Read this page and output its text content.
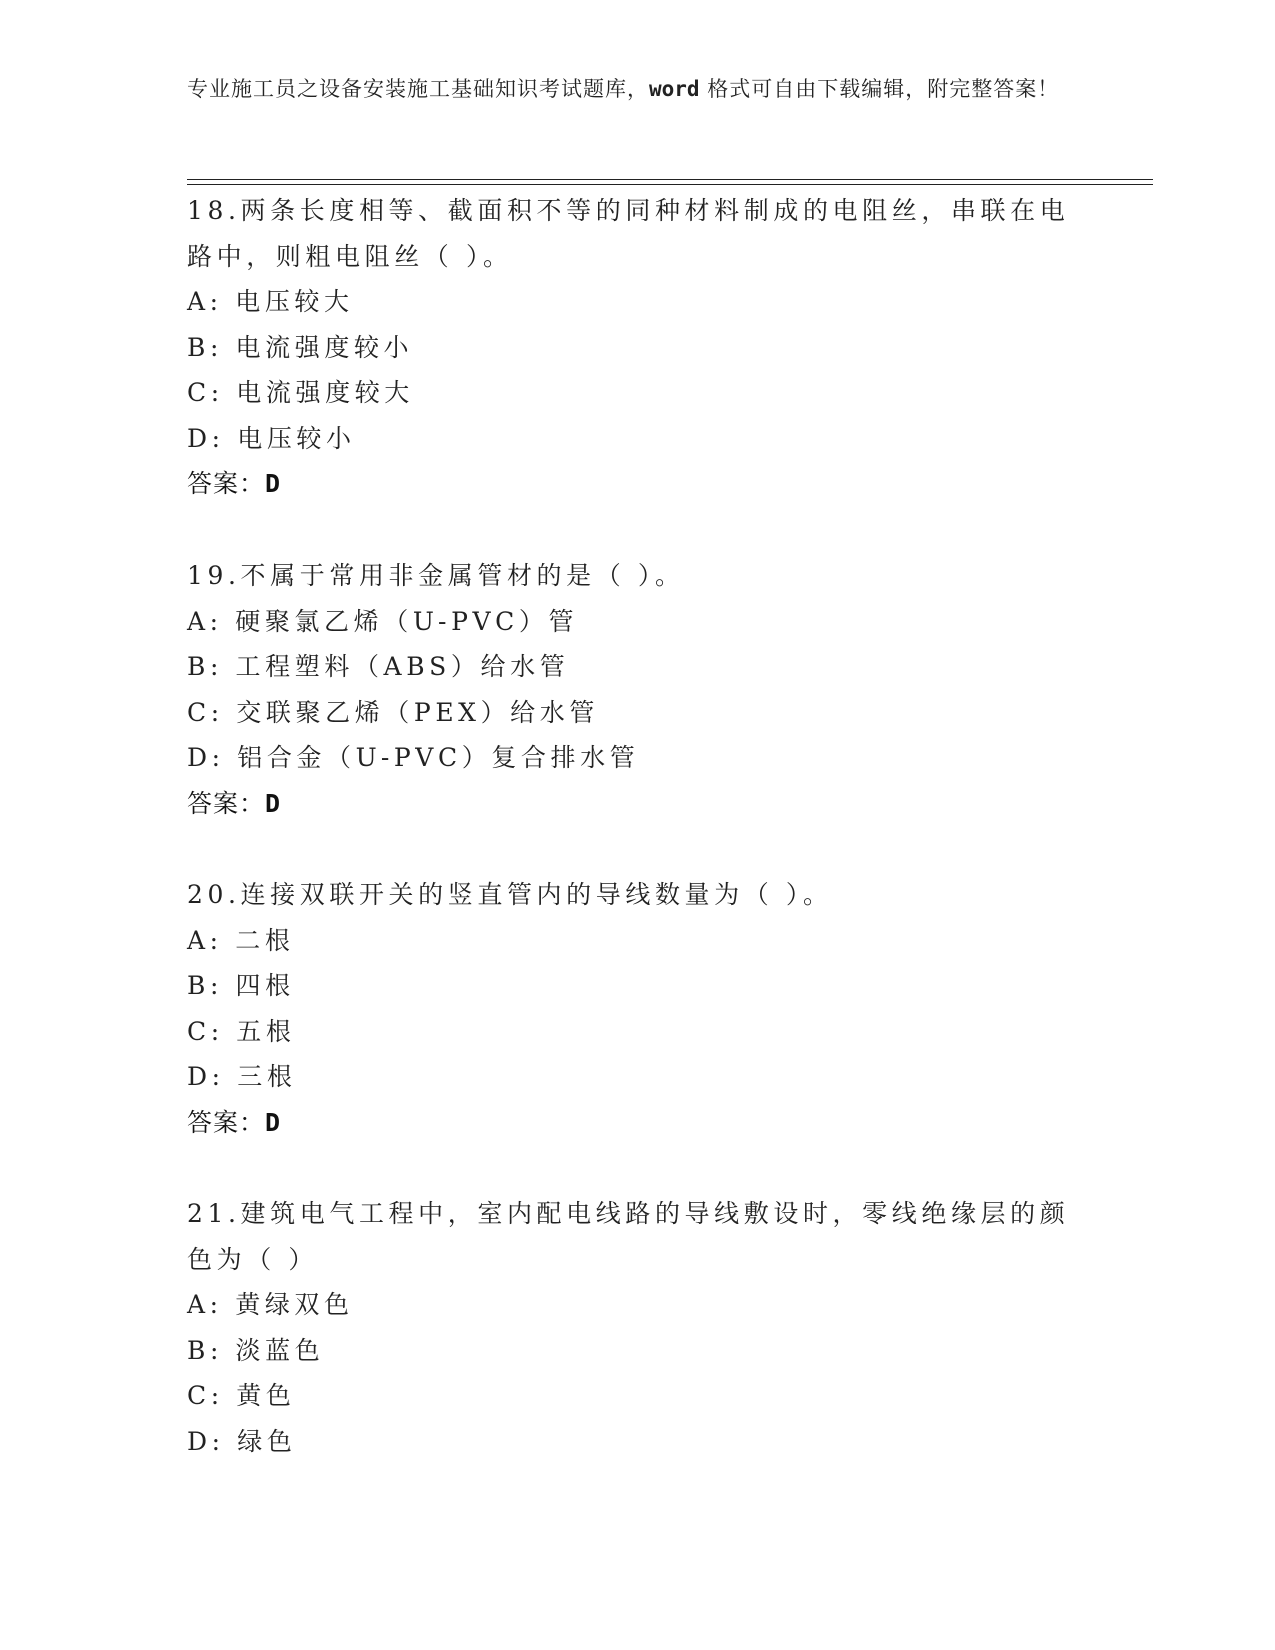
专业施工员之设备安装施工基础知识考试题库，word 格式可自由下载编辑，附完整答案！

18.两条长度相等、截面积不等的同种材料制成的电阻丝，串联在电路中，则粗电阻丝（ ）。

A: 电压较大

B: 电流强度较小

C: 电流强度较大

D: 电压较小

答案：D

19.不属于常用非金属管材的是（ ）。

A: 硬聚氯乙烯（U-PVC）管

B: 工程塑料（ABS）给水管

C: 交联聚乙烯（PEX）给水管

D: 铝合金（U-PVC）复合排水管

答案：D

20.连接双联开关的竖直管内的导线数量为（ ）。

A: 二根

B: 四根

C: 五根

D: 三根

答案：D

21.建筑电气工程中，室内配电线路的导线敷设时，零线绝缘层的颜色为（ ）

A: 黄绿双色

B: 淡蓝色

C: 黄色

D: 绿色
